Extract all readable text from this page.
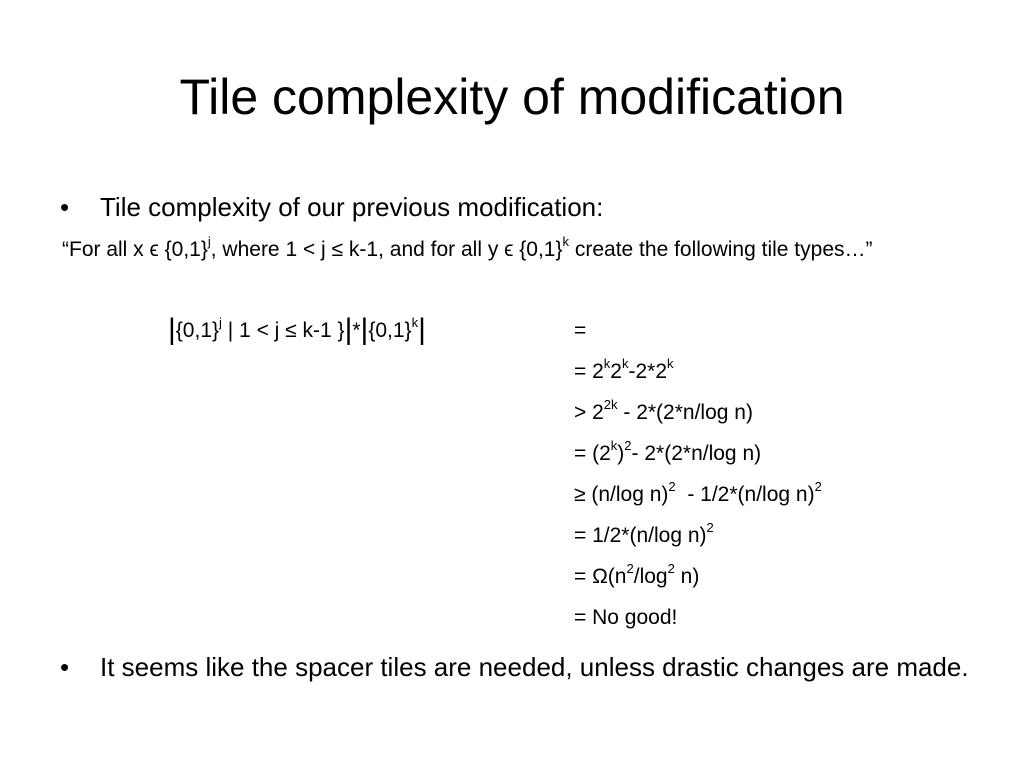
Tile complexity of modification
•	Tile complexity of our previous modification:
“For all x ϵ $\{0,1\}^j$, where 1 < j ≤ k-1, and for all y ϵ $\{0,1\}^k$ create the following tile types…”
$|\{0,1\}^j$ | 1 < j ≤ k-1 }$|*|\{0,1\}^k|$	=
= $2^k2^k-2*2^k$
> $2^{2k} - 2*(2*n/\log$ n)
= $(2^k)^2-$ 2*(2*n/log n)
≥ (n/log n)$^2$  - 1/2*(n/log n)$^2$
= 1/2*(n/log n)$^2$
= $\Omega(n^2/\log^2$ n)
= No good!
•	It seems like the spacer tiles are needed, unless drastic changes are made.
